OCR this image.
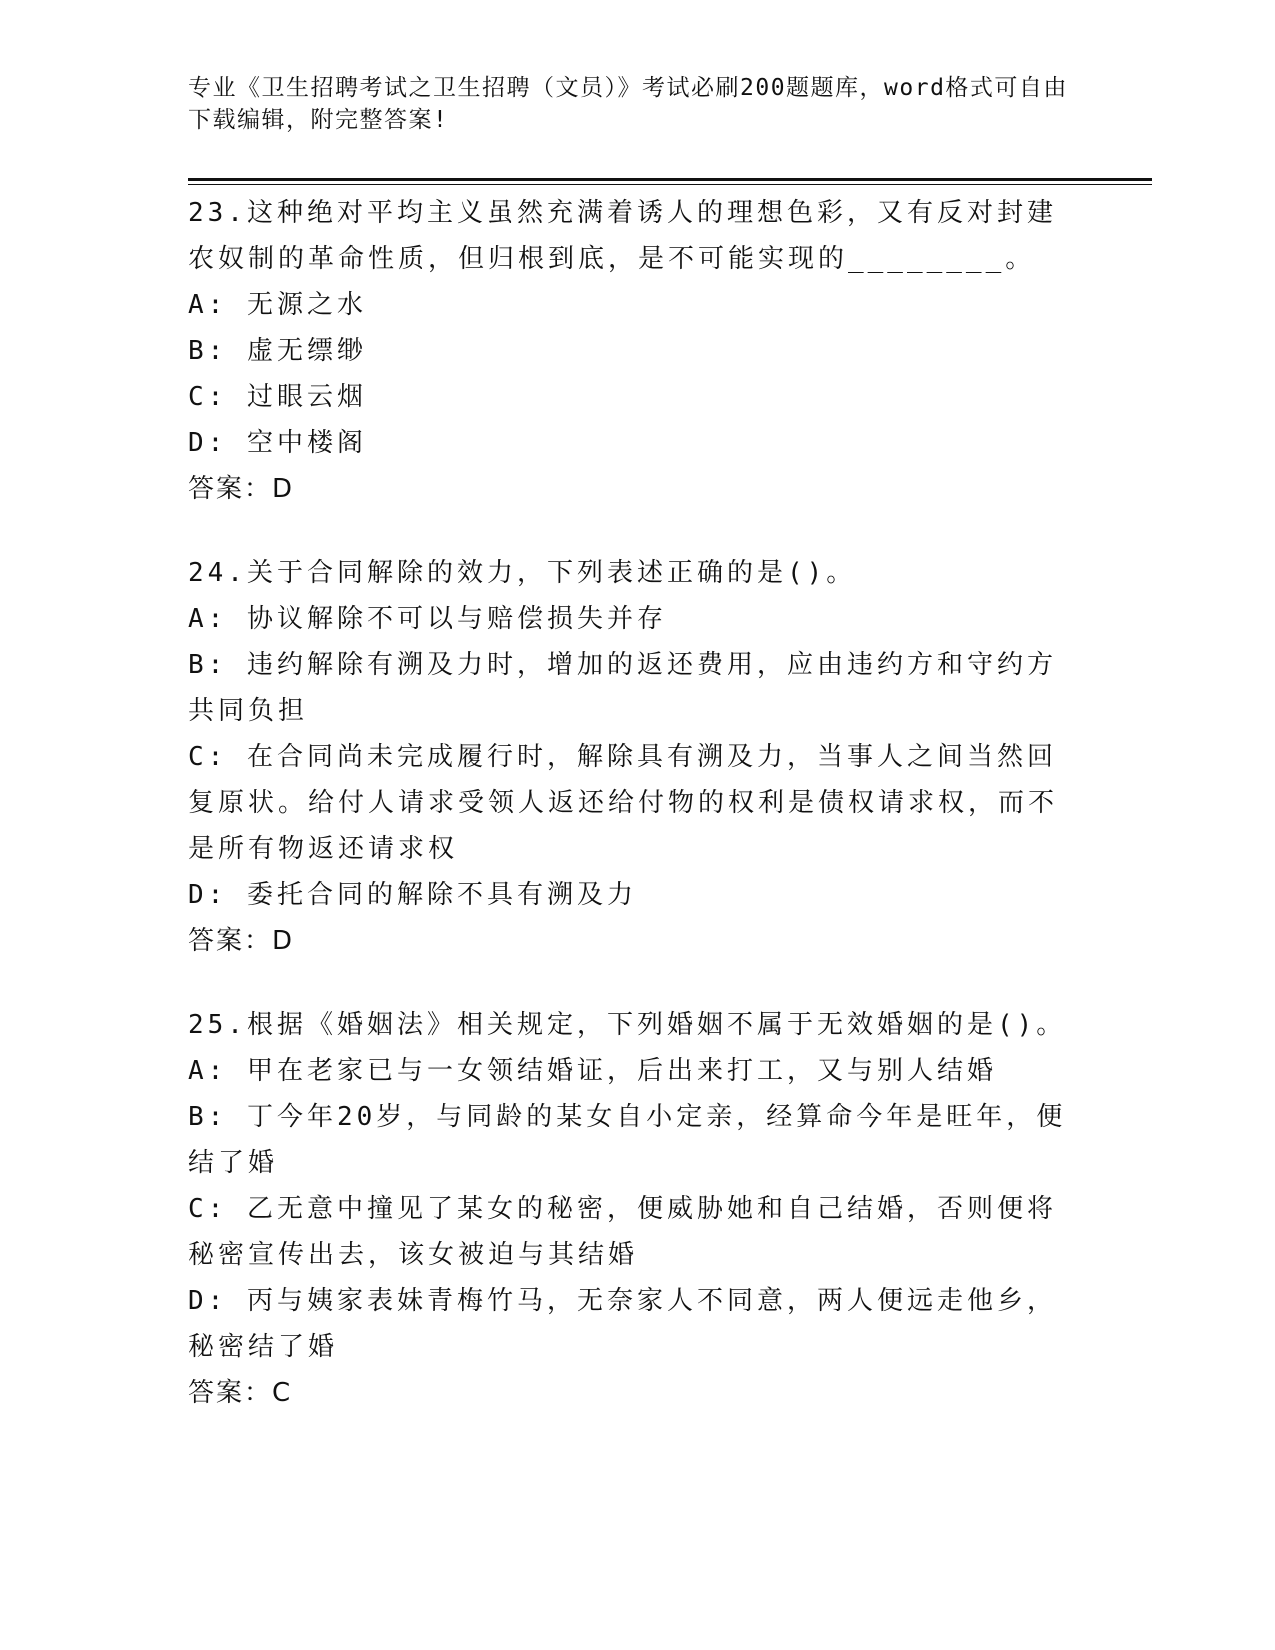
专业《卫生招聘考试之卫生招聘（文员）》考试必刷200题题库，word格式可自由下载编辑，附完整答案!

23.这种绝对平均主义虽然充满着诱人的理想色彩，又有反对封建农奴制的革命性质，但归根到底，是不可能实现的________。

A: 无源之水

B: 虚无缥缈

C: 过眼云烟

D: 空中楼阁

答案：D

24.关于合同解除的效力，下列表述正确的是()。

A: 协议解除不可以与赔偿损失并存

B: 违约解除有溯及力时，增加的返还费用，应由违约方和守约方共同负担

C: 在合同尚未完成履行时，解除具有溯及力，当事人之间当然回复原状。给付人请求受领人返还给付物的权利是债权请求权，而不是所有物返还请求权

D: 委托合同的解除不具有溯及力

答案：D

25.根据《婚姻法》相关规定，下列婚姻不属于无效婚姻的是()。

A: 甲在老家已与一女领结婚证，后出来打工，又与别人结婚

B: 丁今年20岁，与同龄的某女自小定亲，经算命今年是旺年，便结了婚

C: 乙无意中撞见了某女的秘密，便威胁她和自己结婚，否则便将秘密宣传出去，该女被迫与其结婚

D: 丙与姨家表妹青梅竹马，无奈家人不同意，两人便远走他乡，秘密结了婚

答案：C
